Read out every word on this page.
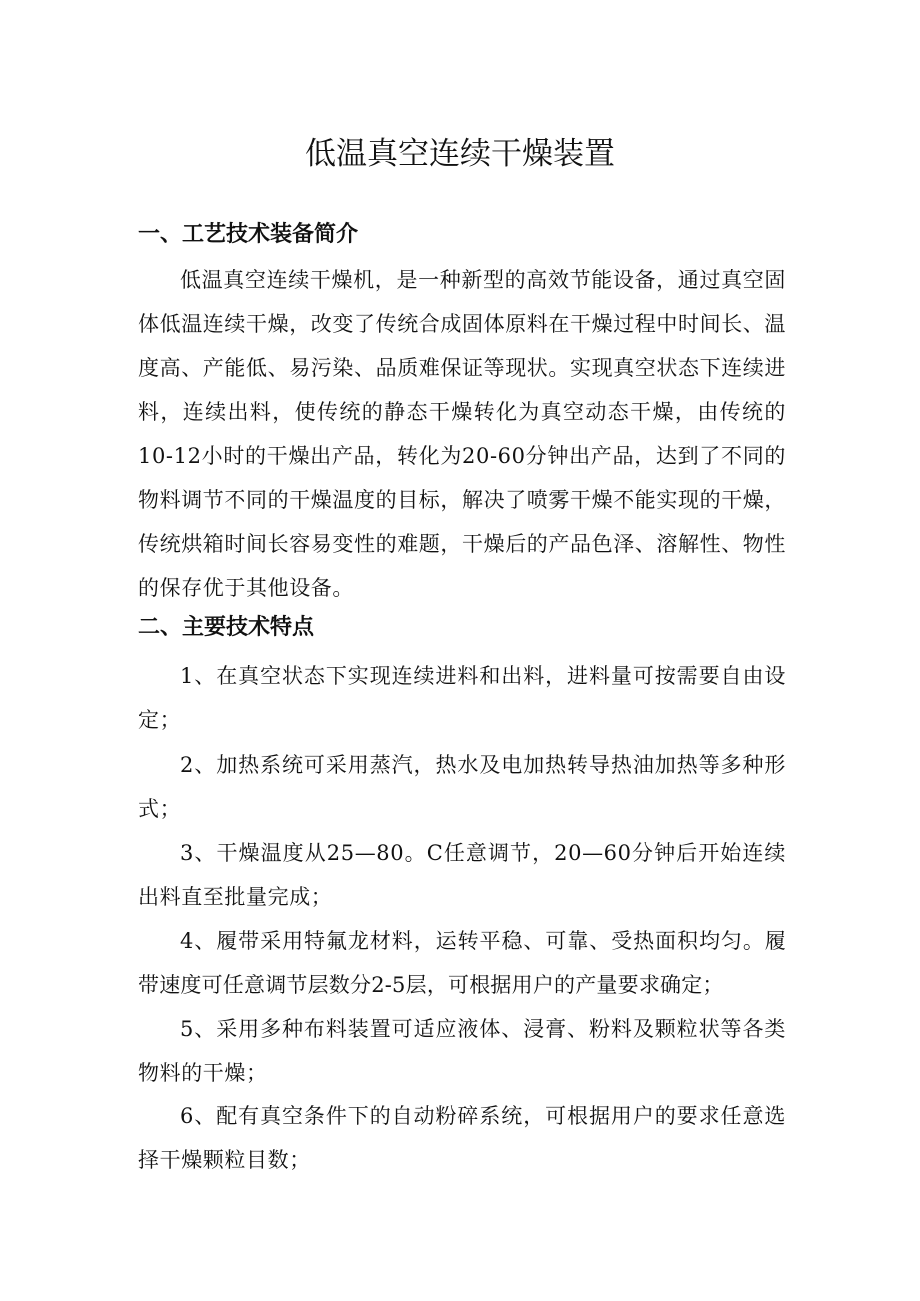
低温真空连续干燥装置
一、工艺技术装备简介

低温真空连续干燥机，是一种新型的高效节能设备，通过真空固体低温连续干燥，改变了传统合成固体原料在干燥过程中时间长、温度高、产能低、易污染、品质难保证等现状。实现真空状态下连续进料，连续出料，使传统的静态干燥转化为真空动态干燥，由传统的10-12小时的干燥出产品，转化为20-60分钟出产品，达到了不同的物料调节不同的干燥温度的目标，解决了喷雾干燥不能实现的干燥，传统烘箱时间长容易变性的难题，干燥后的产品色泽、溶解性、物性的保存优于其他设备。

二、主要技术特点

1、在真空状态下实现连续进料和出料，进料量可按需要自由设定；

2、加热系统可采用蒸汽，热水及电加热转导热油加热等多种形式；

3、干燥温度从25—80。C任意调节，20—60分钟后开始连续出料直至批量完成；

4、履带采用特氟龙材料，运转平稳、可靠、受热面积均匀。履带速度可任意调节层数分2-5层，可根据用户的产量要求确定；

5、采用多种布料装置可适应液体、浸膏、粉料及颗粒状等各类物料的干燥；

6、配有真空条件下的自动粉碎系统，可根据用户的要求任意选择干燥颗粒目数；
